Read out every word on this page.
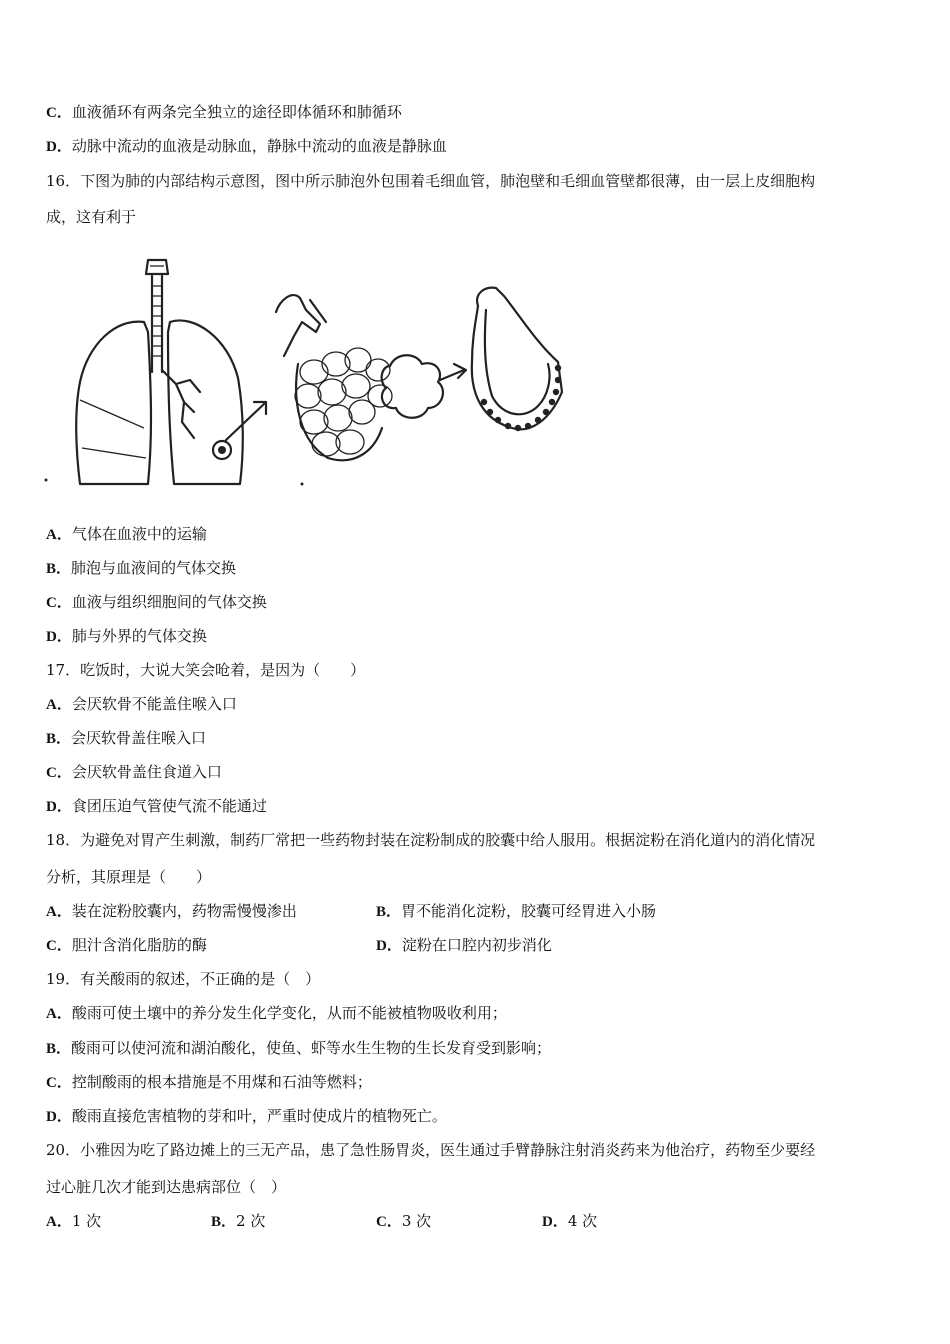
C．血液循环有两条完全独立的途径即体循环和肺循环
D．动脉中流动的血液是动脉血，静脉中流动的血液是静脉血
16．下图为肺的内部结构示意图，图中所示肺泡外包围着毛细血管，肺泡壁和毛细血管壁都很薄，由一层上皮细胞构
成，这有利于
A．气体在血液中的运输
B．肺泡与血液间的气体交换
C．血液与组织细胞间的气体交换
D．肺与外界的气体交换
17．吃饭时，大说大笑会呛着，是因为（　　）
A．会厌软骨不能盖住喉入口
B．会厌软骨盖住喉入口
C．会厌软骨盖住食道入口
D．食团压迫气管使气流不能通过
18．为避免对胃产生刺激，制药厂常把一些药物封装在淀粉制成的胶囊中给人服用。根据淀粉在消化道内的消化情况
分析，其原理是（　　）
A．装在淀粉胶囊内，药物需慢慢渗出	B．胃不能消化淀粉，胶囊可经胃进入小肠
C．胆汁含消化脂肪的酶	D．淀粉在口腔内初步消化
19．有关酸雨的叙述，不正确的是（　）
A．酸雨可使土壤中的养分发生化学变化，从而不能被植物吸收利用；
B．酸雨可以使河流和湖泊酸化，使鱼、虾等水生生物的生长发育受到影响；
C．控制酸雨的根本措施是不用煤和石油等燃料；
D．酸雨直接危害植物的芽和叶，严重时使成片的植物死亡。
20．小雅因为吃了路边摊上的三无产品，患了急性肠胃炎，医生通过手臂静脉注射消炎药来为他治疗，药物至少要经
过心脏几次才能到达患病部位（　）
A．1 次	B．2 次	C．3 次	D．4 次
